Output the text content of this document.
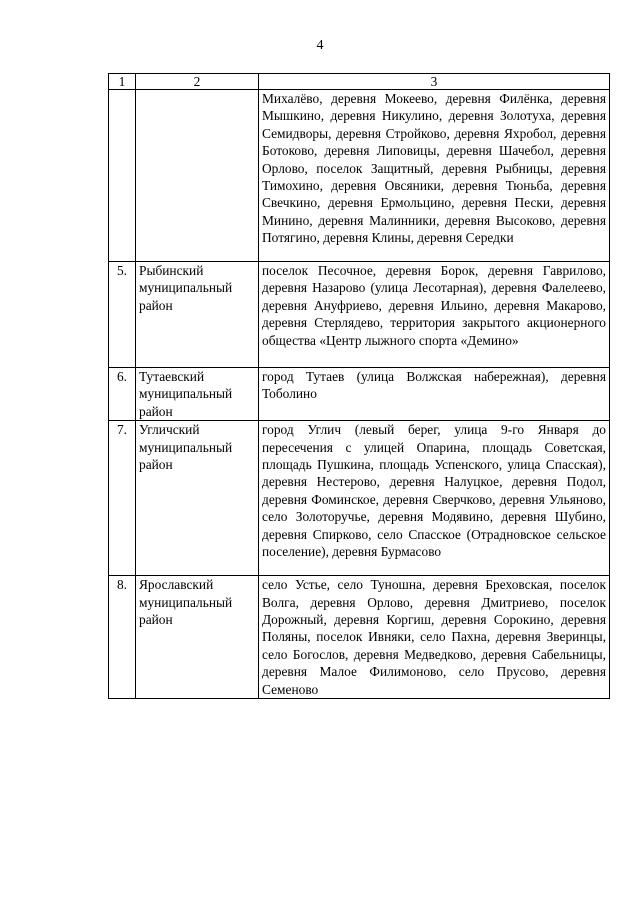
4
1	2	3
		Михалёво, деревня Мокеево, деревня Филёнка, деревня Мышкино, деревня Никулино, деревня Золотуха, деревня Семидворы, деревня Стройково, деревня Яхробол, деревня Ботоково, деревня Липовицы, деревня Шачебол, деревня Орлово, поселок Защитный, деревня Рыбницы, деревня Тимохино, деревня Овсяники, деревня Тюньба, деревня Свечкино, деревня Ермольцино, деревня Пески, деревня Минино, деревня Малинники, деревня Высоково, деревня Потягино, деревня Клины, деревня Середки
5.	Рыбинский муниципальный район	поселок Песочное, деревня Борок, деревня Гаврилово, деревня Назарово (улица Лесотарная), деревня Фалелеево, деревня Ануфриево, деревня Ильино, деревня Макарово, деревня Стерлядево, территория закрытого акционерного общества «Центр лыжного спорта «Демино»
6.	Тутаевский муниципальный район	город Тутаев (улица Волжская набережная), деревня Тоболино
7.	Угличский муниципальный район	город Углич (левый берег, улица 9-го Января до пересечения с улицей Опарина, площадь Советская, площадь Пушкина, площадь Успенского, улица Спасская), деревня Нестерово, деревня Налуцкое, деревня Подол, деревня Фоминское, деревня Сверчково, деревня Ульяново, село Золоторучье, деревня Модявино, деревня Шубино, деревня Спирково, село Спасское (Отрадновское сельское поселение), деревня Бурмасово
8.	Ярославский муниципальный район	село Устье, село Туношна, деревня Бреховская, поселок Волга, деревня Орлово, деревня Дмитриево, поселок Дорожный, деревня Коргиш, деревня Сорокино, деревня Поляны, поселок Ивняки, село Пахна, деревня Зверинцы, село Богослов, деревня Медведково, деревня Сабельницы, деревня Малое Филимоново, село Прусово, деревня Семеново
